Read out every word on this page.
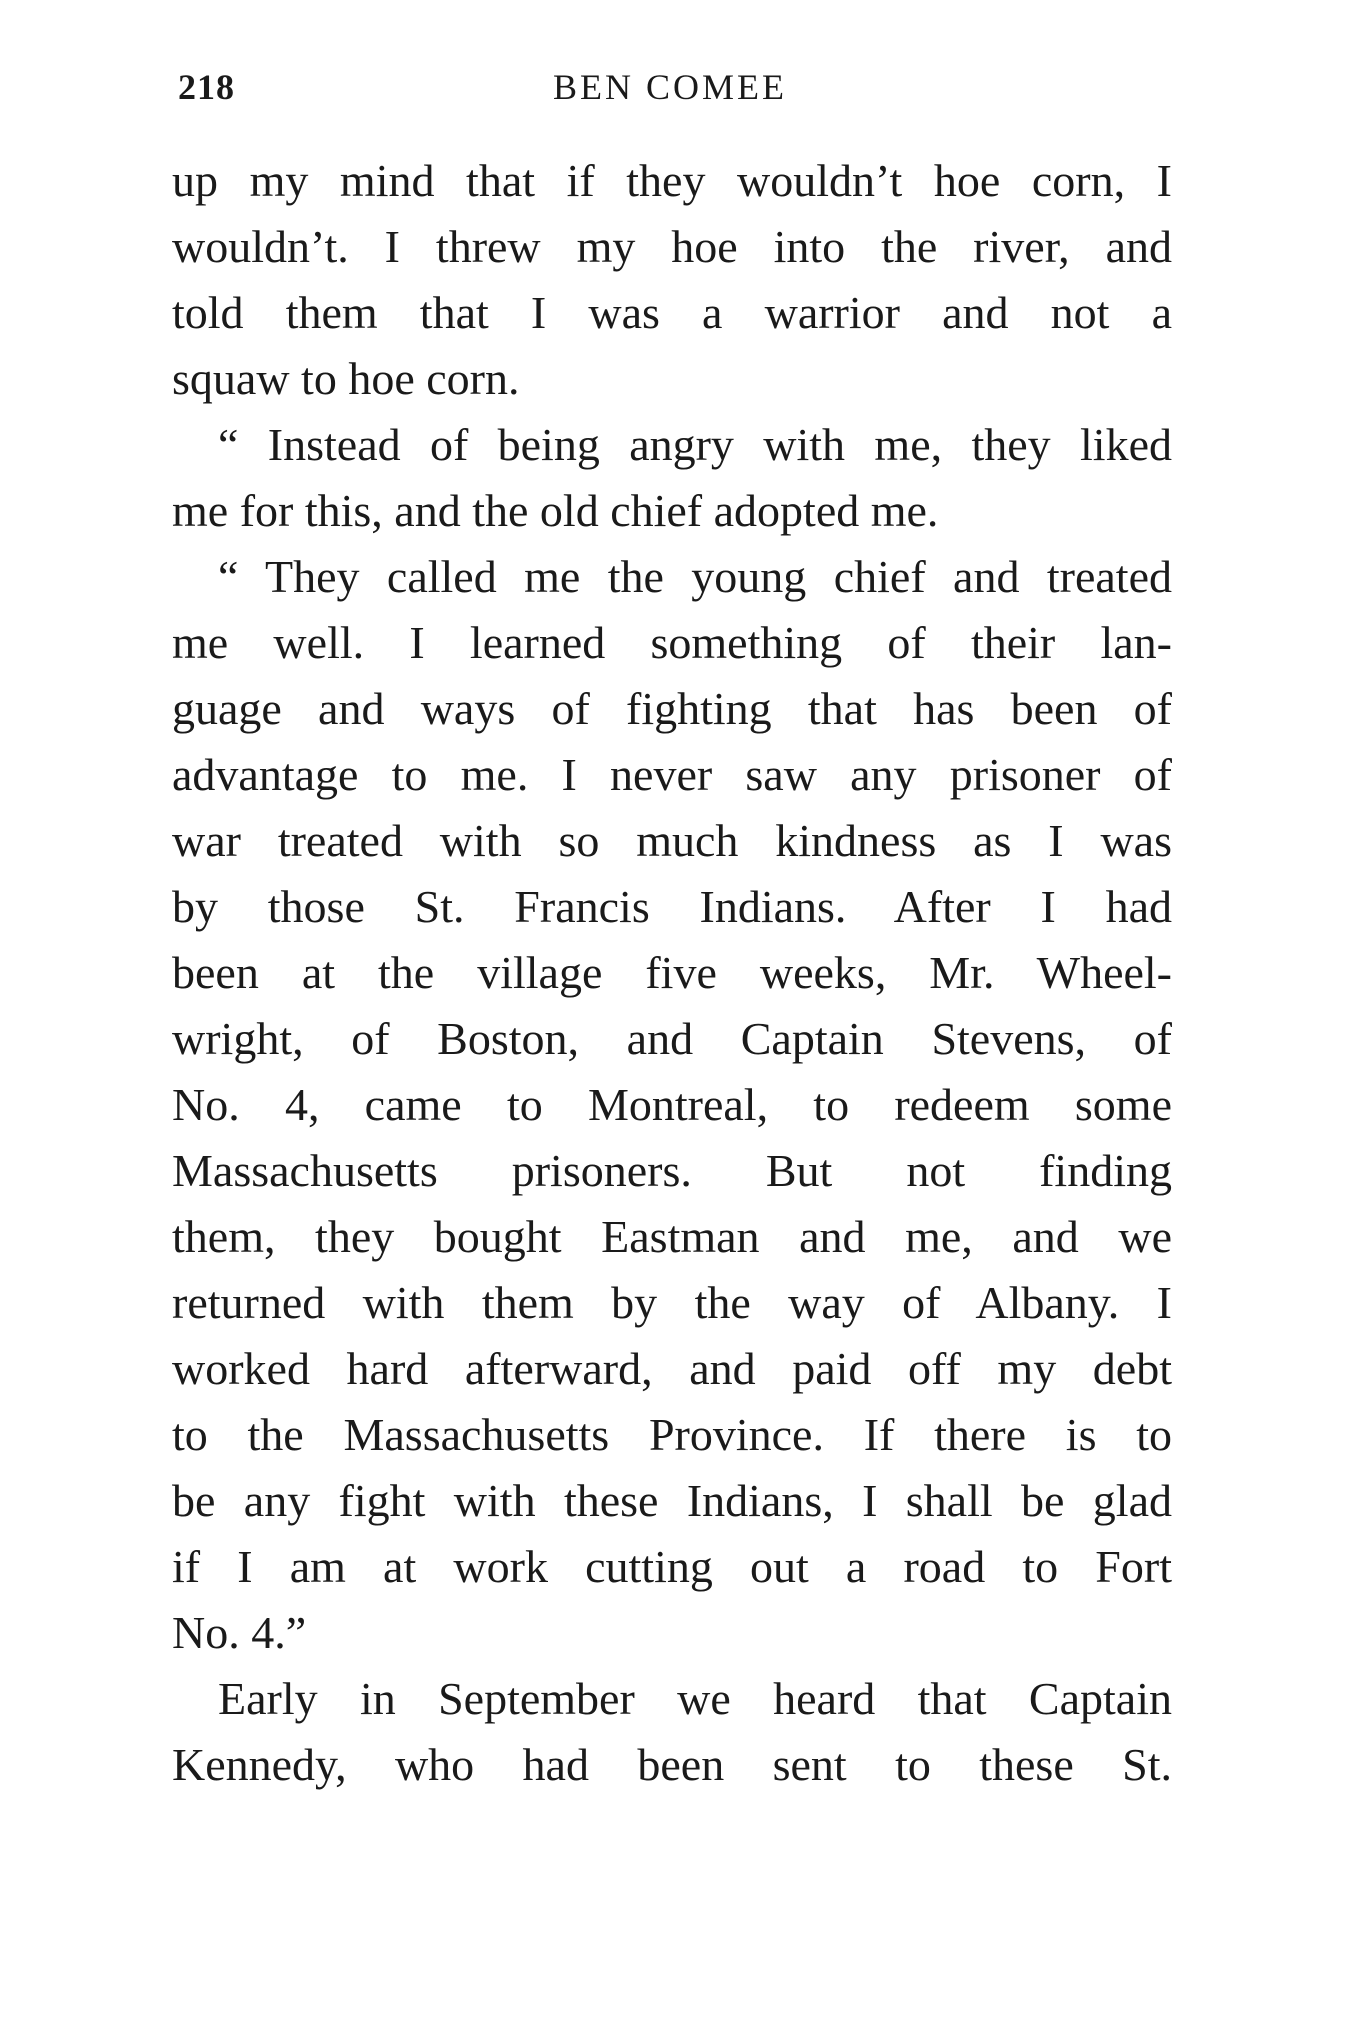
218	BEN COMEE
up my mind that if they wouldn’t hoe corn, I
wouldn’t. I threw my hoe into the river, and
told them that I was a warrior and not a
squaw to hoe corn.
“ Instead of being angry with me, they liked
me for this, and the old chief adopted me.
“ They called me the young chief and treated
me well. I learned something of their lan-
guage and ways of fighting that has been of
advantage to me. I never saw any prisoner of
war treated with so much kindness as I was
by those St. Francis Indians. After I had
been at the village five weeks, Mr. Wheel-
wright, of Boston, and Captain Stevens, of
No. 4, came to Montreal, to redeem some
Massachusetts prisoners. But not finding
them, they bought Eastman and me, and we
returned with them by the way of Albany. I
worked hard afterward, and paid off my debt
to the Massachusetts Province. If there is to
be any fight with these Indians, I shall be glad
if I am at work cutting out a road to Fort
No. 4.”
Early in September we heard that Captain
Kennedy, who had been sent to these St.
